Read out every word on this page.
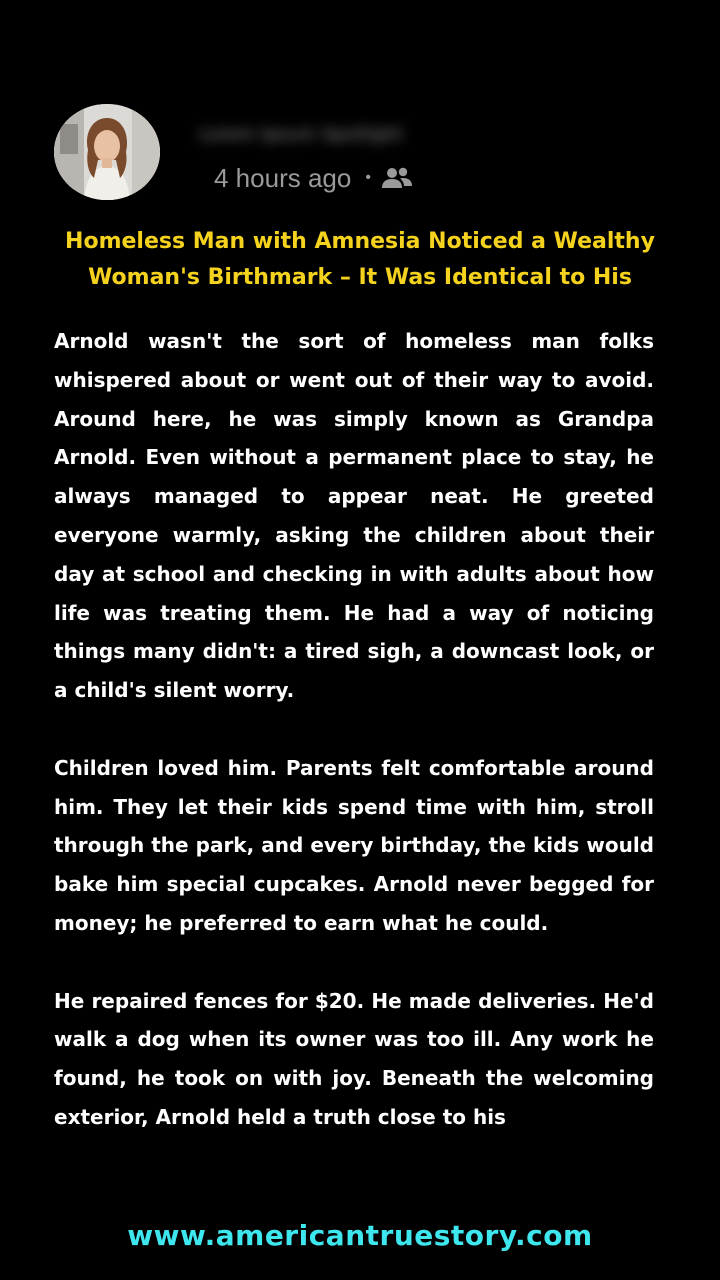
Lorem Ipsum Spotlight
4 hours ago •
Homeless Man with Amnesia Noticed a Wealthy
Woman's Birthmark – It Was Identical to His

Arnold wasn't the sort of homeless man folks whispered about or went out of their way to avoid. Around here, he was simply known as Grandpa Arnold. Even without a permanent place to stay, he always managed to appear neat. He greeted everyone warmly, asking the children about their day at school and checking in with adults about how life was treating them. He had a way of noticing things many didn't: a tired sigh, a downcast look, or a child's silent worry.

Children loved him. Parents felt comfortable around him. They let their kids spend time with him, stroll through the park, and every birthday, the kids would bake him special cupcakes. Arnold never begged for money; he preferred to earn what he could.

He repaired fences for $20. He made deliveries. He'd walk a dog when its owner was too ill. Any work he found, he took on with joy. Beneath the welcoming exterior, Arnold held a truth close to his

www.americantruestory.com
